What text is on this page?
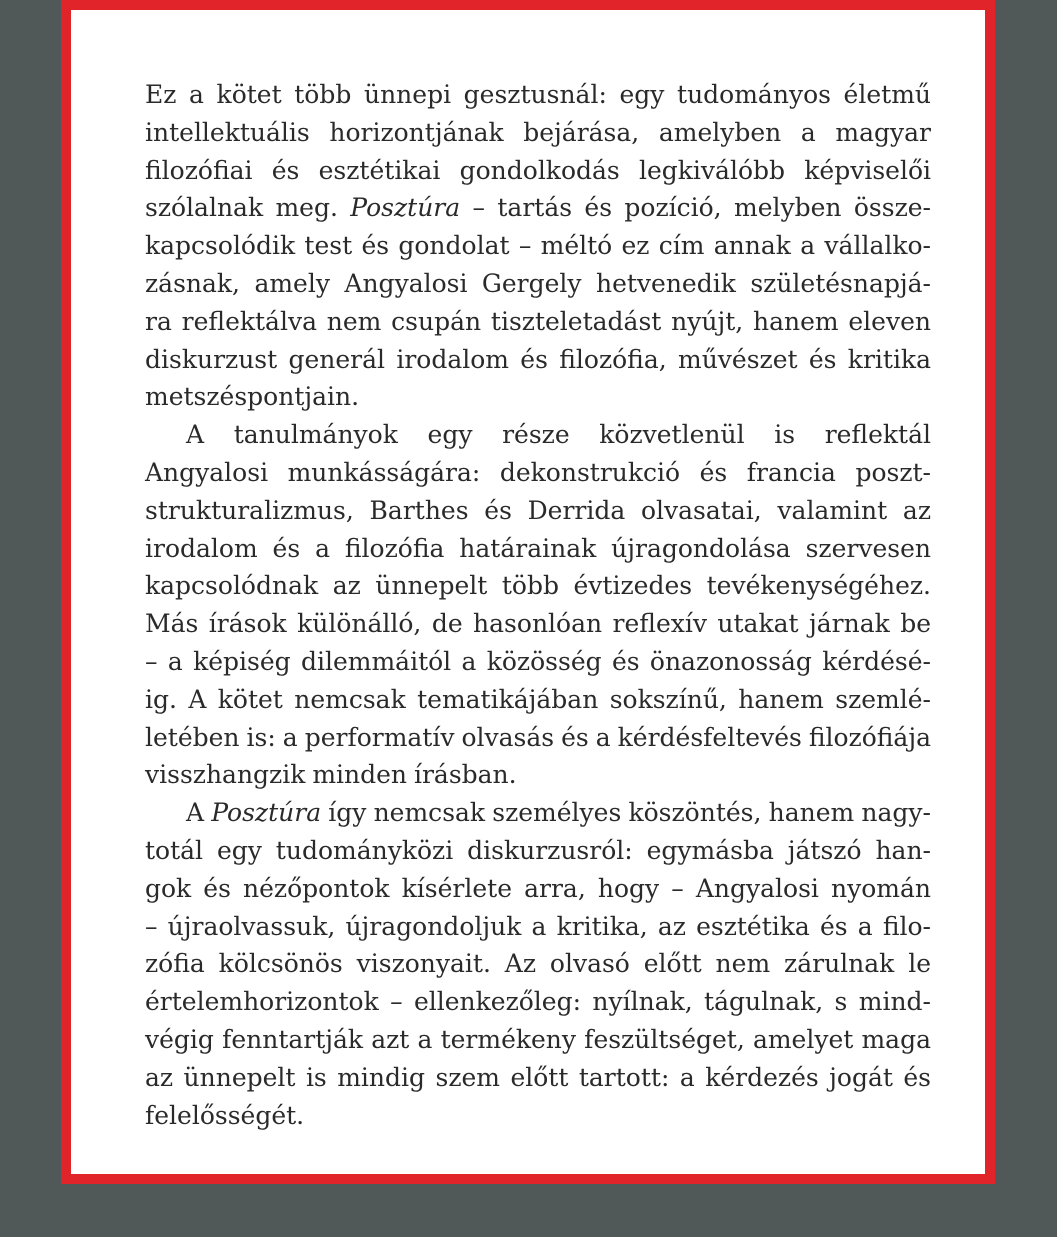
Ez a kötet több ünnepi gesztusnál: egy tudományos életmű
intellektuális horizontjának bejárása, amelyben a magyar
filozófiai és esztétikai gondolkodás legkiválóbb képviselői
szólalnak meg. Posztúra – tartás és pozíció, melyben össze-
kapcsolódik test és gondolat – méltó ez cím annak a vállalko-
zásnak, amely Angyalosi Gergely hetvenedik születésnapjá-
ra reflektálva nem csupán tiszteletadást nyújt, hanem eleven
diskurzust generál irodalom és filozófia, művészet és kritika
metszéspontjain.
A tanulmányok egy része közvetlenül is reflektál
Angyalosi munkásságára: dekonstrukció és francia poszt-
strukturalizmus, Barthes és Derrida olvasatai, valamint az
irodalom és a filozófia határainak újragondolása szervesen
kapcsolódnak az ünnepelt több évtizedes tevékenységéhez.
Más írások különálló, de hasonlóan reflexív utakat járnak be
– a képiség dilemmáitól a közösség és önazonosság kérdésé-
ig. A kötet nemcsak tematikájában sokszínű, hanem szemlé-
letében is: a performatív olvasás és a kérdésfeltevés filozófiája
visszhangzik minden írásban.
A Posztúra így nemcsak személyes köszöntés, hanem nagy-
totál egy tudományközi diskurzusról: egymásba játszó han-
gok és nézőpontok kísérlete arra, hogy – Angyalosi nyomán
– újraolvassuk, újragondoljuk a kritika, az esztétika és a filo-
zófia kölcsönös viszonyait. Az olvasó előtt nem zárulnak le
értelemhorizontok – ellenkezőleg: nyílnak, tágulnak, s mind-
végig fenntartják azt a termékeny feszültséget, amelyet maga
az ünnepelt is mindig szem előtt tartott: a kérdezés jogát és
felelősségét.
